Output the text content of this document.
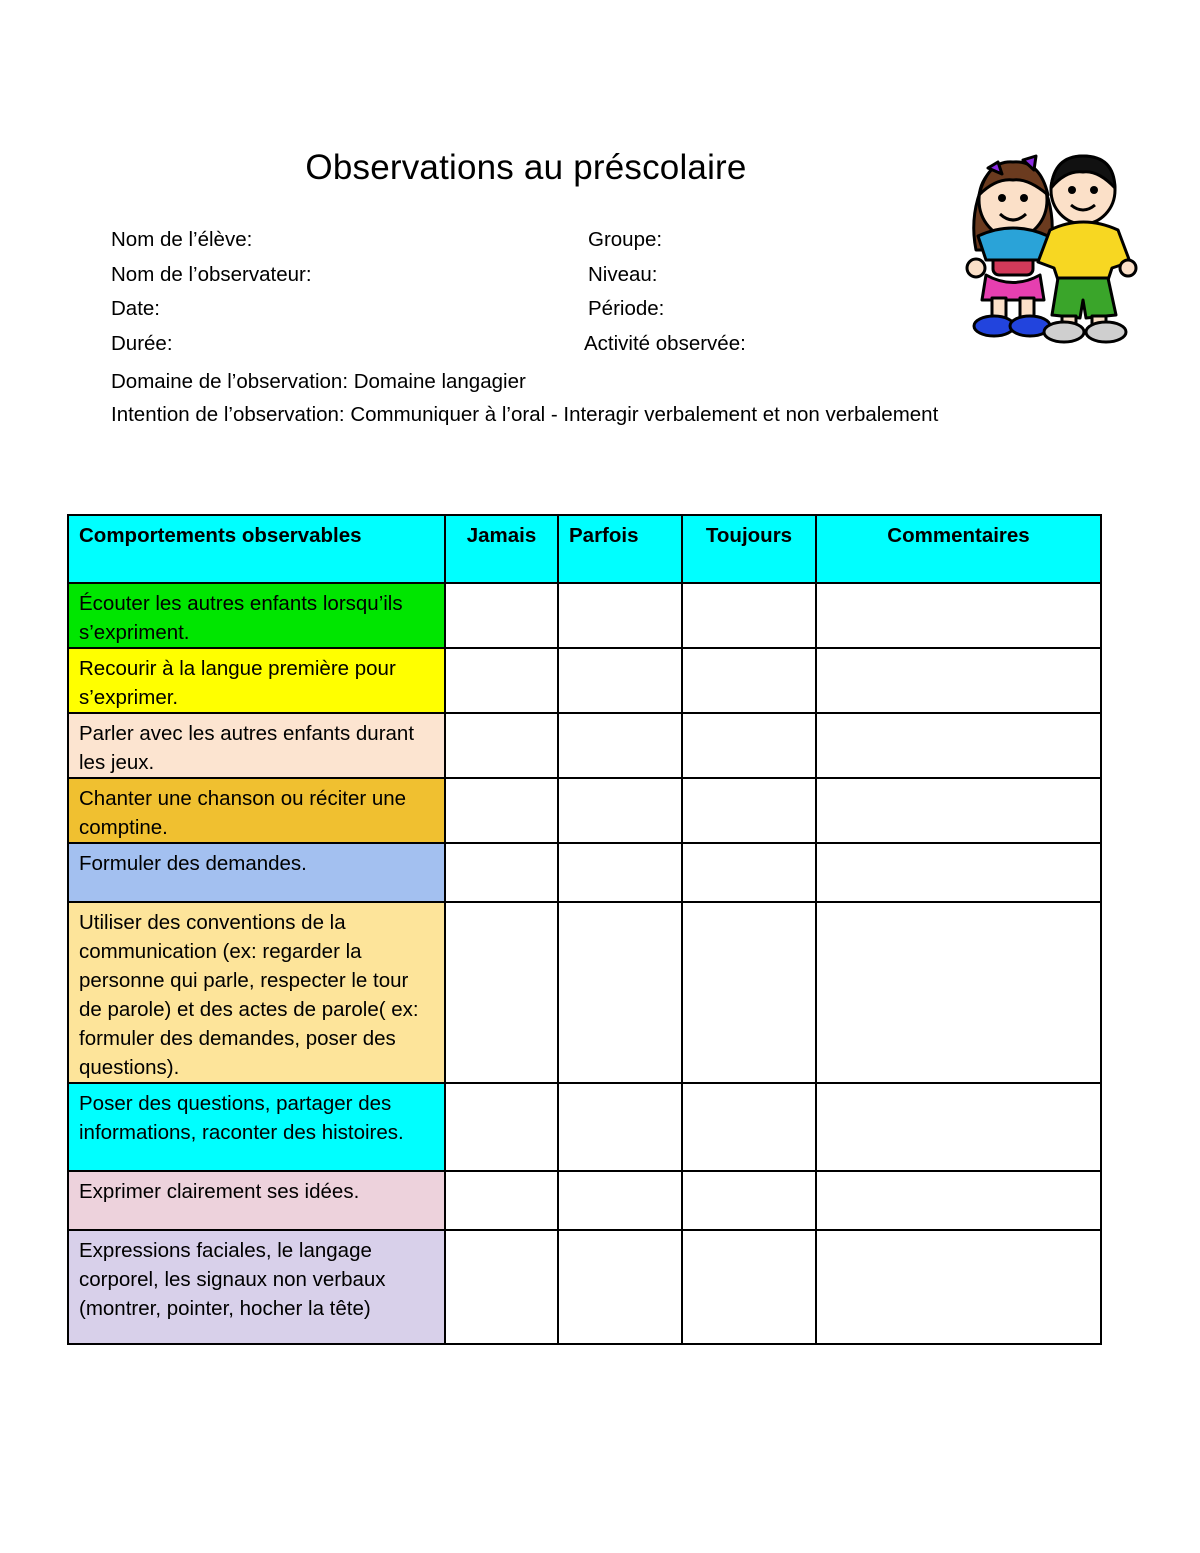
Observations au préscolaire
Nom de l’élève:	Groupe:
Nom de l’observateur:	Niveau:
Date:	Période:
Durée:	Activité observée:
Domaine de l’observation: Domaine langagier
Intention de l’observation: Communiquer à l’oral - Interagir verbalement et non verbalement
Comportements observables	Jamais	Parfois	Toujours	Commentaires
Écouter les autres enfants lorsqu’ils s’expriment.				
Recourir à la langue première pour s’exprimer.				
Parler avec les autres enfants durant les jeux.				
Chanter une chanson ou réciter une comptine.				
Formuler des demandes.				
Utiliser des conventions de la communication (ex: regarder la personne qui parle, respecter le tour de parole) et des actes de parole( ex: formuler des demandes, poser des questions).				
Poser des questions, partager des informations, raconter des histoires.				
Exprimer clairement ses idées.				
Expressions faciales, le langage corporel, les signaux non verbaux (montrer, pointer, hocher la tête)				
